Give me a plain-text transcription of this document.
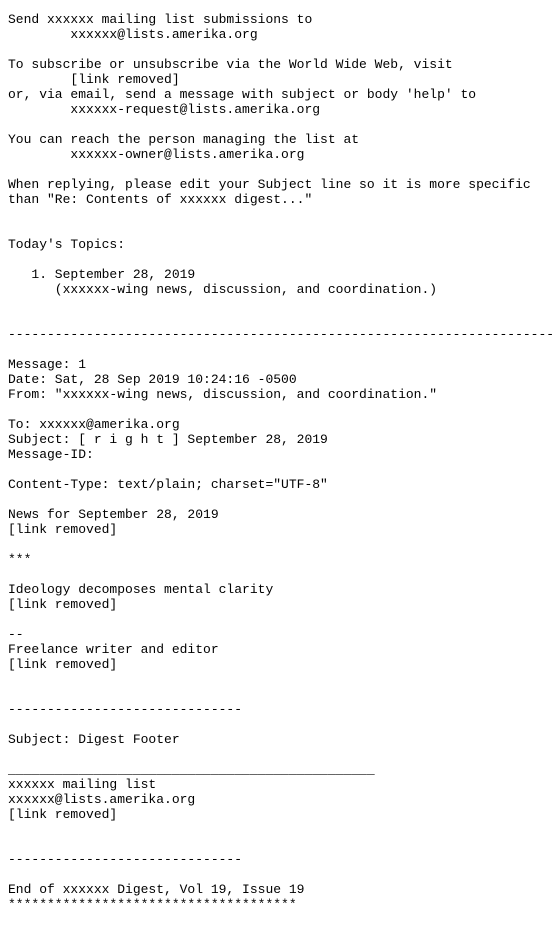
Send xxxxxx mailing list submissions to
xxxxxx@lists.amerika.org
To subscribe or unsubscribe via the World Wide Web, visit
[link removed]
or, via email, send a message with subject or body 'help' to
xxxxxx-request@lists.amerika.org
You can reach the person managing the list at
xxxxxx-owner@lists.amerika.org
When replying, please edit your Subject line so it is more specific
than "Re: Contents of xxxxxx digest..."
Today's Topics:
1. September 28, 2019
(xxxxxx-wing news, discussion, and coordination.)
----------------------------------------------------------------------
Message: 1
Date: Sat, 28 Sep 2019 10:24:16 -0500
From: "xxxxxx-wing news, discussion, and coordination."
To: xxxxxx@amerika.org
Subject: [ r i g h t ] September 28, 2019
Message-ID:
Content-Type: text/plain; charset="UTF-8"
News for September 28, 2019
[link removed]
***
Ideology decomposes mental clarity
[link removed]
--
Freelance writer and editor
[link removed]
------------------------------
Subject: Digest Footer
_______________________________________________
xxxxxx mailing list
xxxxxx@lists.amerika.org
[link removed]
------------------------------
End of xxxxxx Digest, Vol 19, Issue 19
*************************************
